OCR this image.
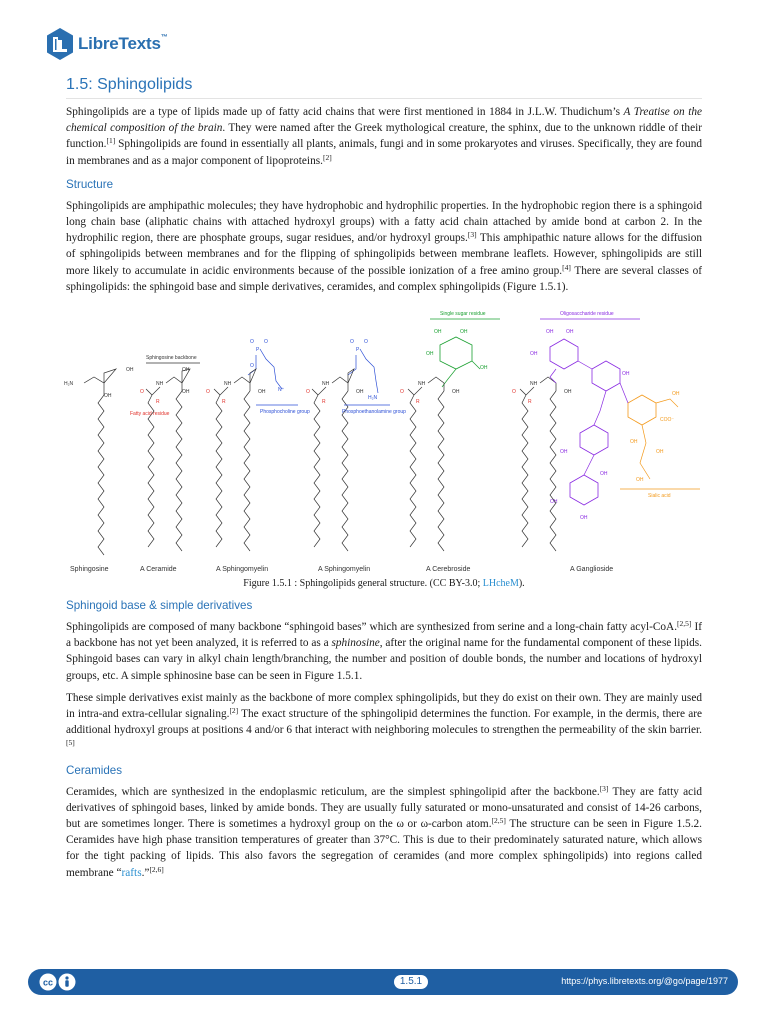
LibreTexts™
1.5: Sphingolipids

Sphingolipids are a type of lipids made up of fatty acid chains that were first mentioned in 1884 in J.L.W. Thudichum’s A Treatise on the chemical composition of the brain. They were named after the Greek mythological creature, the sphinx, due to the unknown riddle of their function.[1] Sphingolipids are found in essentially all plants, animals, fungi and in some prokaryotes and viruses. Specifically, they are found in membranes and as a major component of lipoproteins.[2]

Structure

Sphingolipids are amphipathic molecules; they have hydrophobic and hydrophilic properties. In the hydrophobic region there is a sphingoid long chain base (aliphatic chains with attached hydroxyl groups) with a fatty acid chain attached by amide bond at carbon 2. In the hydrophilic region, there are phosphate groups, sugar residues, and/or hydroxyl groups.[3] This amphipathic nature allows for the diffusion of sphingolipids between membranes and for the flipping of sphingolipids between membrane leaflets. However, sphingolipids are still more likely to accumulate in acidic environments because of the possible ionization of a free amino group.[4] There are several classes of sphingolipids: the sphingoid base and simple derivatives, ceramides, and complex sphingolipids (Figure 1.5.1).

Single sugar residue	Oligosaccharide residue
Sphingosine backbone
OH
H₂N
OH
OH
OH
NH
O
R
Fatty acid residue
P
O O
O
N⁺
NH
OH
O
R
Phosphocholine group
P
O O
H₂N
NH
OH
O
R
Phosphoethanolamine group
OH
OH	OH
OH
NH
OH
O
R
OH	OH
OH
OH
OH
OH
OH
OH
COO⁻
OH
OH
OH
OH
Sialic acid
NH
OH
O
R
Sphingosine	A Ceramide	A Sphingomyelin	A Sphingomyelin	A Cerebroside	A Ganglioside

Figure 1.5.1 : Sphingolipids general structure. (CC BY-3.0; LHcheM).

Sphingoid base & simple derivatives

Sphingolipids are composed of many backbone “sphingoid bases” which are synthesized from serine and a long-chain fatty acyl-CoA.[2,5] If a backbone has not yet been analyzed, it is referred to as a sphinosine, after the original name for the fundamental component of these lipids. Sphingoid bases can vary in alkyl chain length/branching, the number and position of double bonds, the number and locations of hydroxyl groups, etc. A simple sphinosine base can be seen in Figure 1.5.1.

These simple derivatives exist mainly as the backbone of more complex sphingolipids, but they do exist on their own. They are mainly used in intra-and extra-cellular signaling.[2] The exact structure of the sphingolipid determines the function. For example, in the dermis, there are additional hydroxyl groups at positions 4 and/or 6 that interact with neighboring molecules to strengthen the permeability of the skin barrier.[5]

Ceramides

Ceramides, which are synthesized in the endoplasmic reticulum, are the simplest sphingolipid after the backbone.[3] They are fatty acid derivatives of sphingoid bases, linked by amide bonds. They are usually fully saturated or mono-unsaturated and consist of 14-26 carbons, but are sometimes longer. There is sometimes a hydroxyl group on the ω or ω-carbon atom.[2,5] The structure can be seen in Figure 1.5.2. Ceramides have high phase transition temperatures of greater than 37°C. This is due to their predominately saturated nature, which allows for the tight packing of lipids. This also favors the segregation of ceramides (and more complex sphingolipids) into regions called membrane “rafts.”[2,6]

cc	1.5.1	https://phys.libretexts.org/@go/page/1977
